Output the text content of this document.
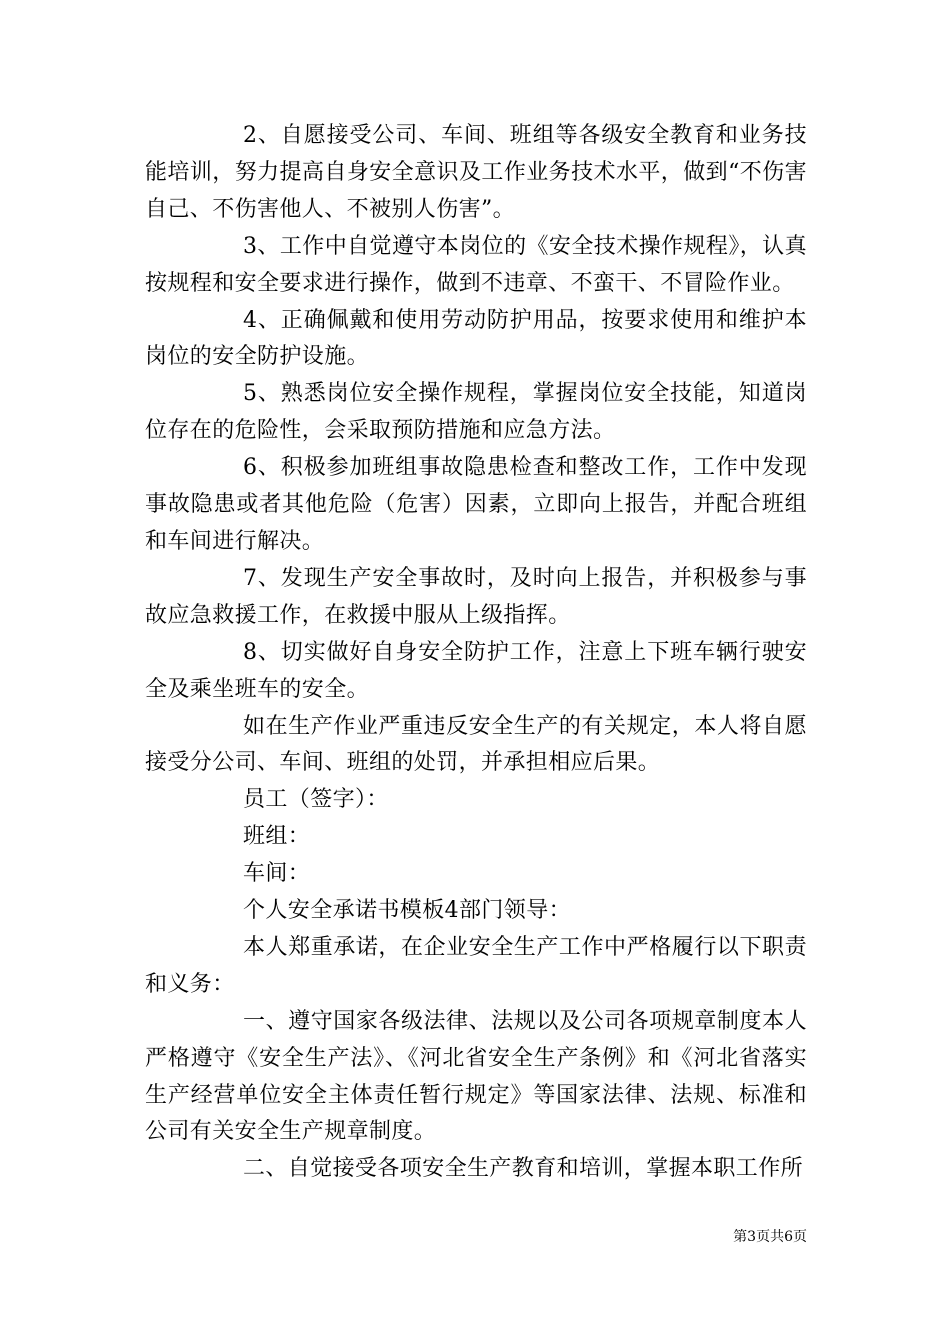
2、自愿接受公司、车间、班组等各级安全教育和业务技能培训，努力提高自身安全意识及工作业务技术水平，做到“不伤害自己、不伤害他人、不被别人伤害”。

3、工作中自觉遵守本岗位的《安全技术操作规程》，认真按规程和安全要求进行操作，做到不违章、不蛮干、不冒险作业。

4、正确佩戴和使用劳动防护用品，按要求使用和维护本岗位的安全防护设施。

5、熟悉岗位安全操作规程，掌握岗位安全技能，知道岗位存在的危险性，会采取预防措施和应急方法。

6、积极参加班组事故隐患检查和整改工作，工作中发现事故隐患或者其他危险（危害）因素，立即向上报告，并配合班组和车间进行解决。

7、发现生产安全事故时，及时向上报告，并积极参与事故应急救援工作，在救援中服从上级指挥。

8、切实做好自身安全防护工作，注意上下班车辆行驶安全及乘坐班车的安全。

如在生产作业严重违反安全生产的有关规定，本人将自愿接受分公司、车间、班组的处罚，并承担相应后果。

员工（签字）：

班组：

车间：

个人安全承诺书模板4部门领导：

本人郑重承诺，在企业安全生产工作中严格履行以下职责和义务：

一、遵守国家各级法律、法规以及公司各项规章制度本人严格遵守《安全生产法》、《河北省安全生产条例》和《河北省落实生产经营单位安全主体责任暂行规定》等国家法律、法规、标准和公司有关安全生产规章制度。

二、自觉接受各项安全生产教育和培训，掌握本职工作所

第3页共6页
